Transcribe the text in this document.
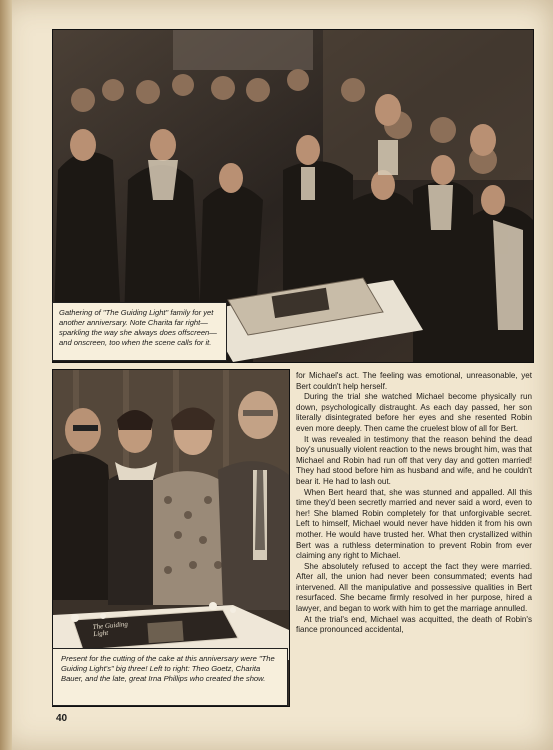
Gathering of "The Guiding Light" family for yet another anniversary. Note Charita far right—sparkling the way she always does offscreen—and onscreen, too when the scene calls for it.

The Guiding Light

Present for the cutting of the cake at this anniversary were "The Guiding Light's" big three! Left to right: Theo Goetz, Charita Bauer, and the late, great Irna Phillips who created the show.

for Michael's act. The feeling was emotional, unreasonable, yet Bert couldn't help herself.

During the trial she watched Michael become physically run down, psychologically distraught. As each day passed, her son literally disintegrated before her eyes and she resented Robin even more deeply. Then came the cruelest blow of all for Bert.

It was revealed in testimony that the reason behind the dead boy's unusually violent reaction to the news brought him, was that Michael and Robin had run off that very day and gotten married! They had stood before him as husband and wife, and he couldn't bear it. He had to lash out.

When Bert heard that, she was stunned and appalled. All this time they'd been secretly married and never said a word, even to her! She blamed Robin completely for that unforgivable secret. Left to himself, Michael would never have hidden it from his own mother. He would have trusted her. What then crystallized within Bert was a ruthless determination to prevent Robin from ever claiming any right to Michael.

She absolutely refused to accept the fact they were married. After all, the union had never been consummated; events had intervened. All the manipulative and possessive qualities in Bert resurfaced. She became firmly resolved in her purpose, hired a lawyer, and began to work with him to get the marriage annulled.

At the trial's end, Michael was acquitted, the death of Robin's fiance pronounced accidental,

40
